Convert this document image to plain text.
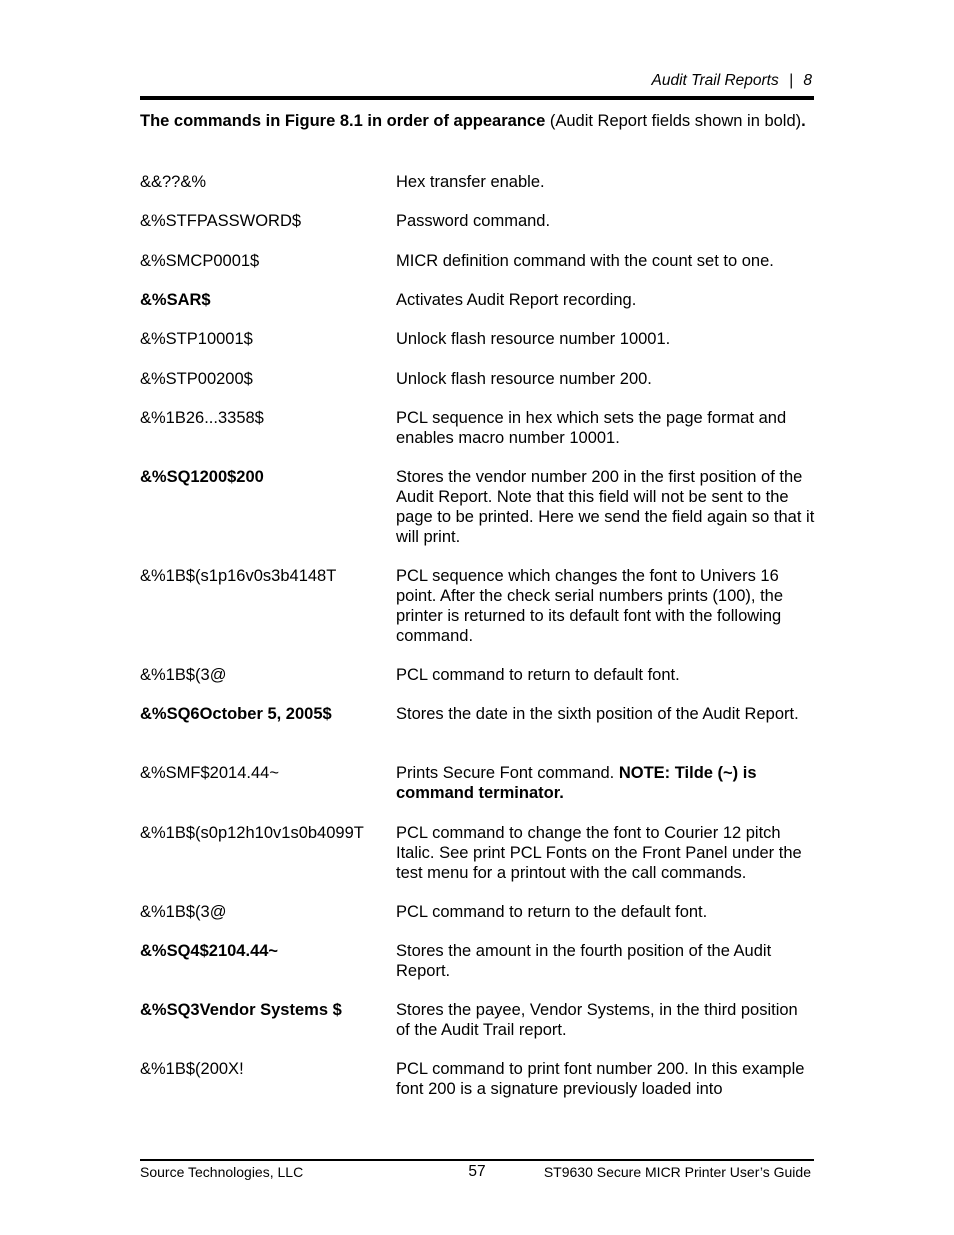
Audit Trail Reports | 8
The commands in Figure 8.1 in order of appearance (Audit Report fields shown in bold).
&&??&%	Hex transfer enable.
&%STFPASSWORD$	Password command.
&%SMCP0001$	MICR definition command with the count set to one.
&%SAR$	Activates Audit Report recording.
&%STP10001$	Unlock flash resource number 10001.
&%STP00200$	Unlock flash resource number 200.
&%1B26...3358$	PCL sequence in hex which sets the page format and enables macro number 10001.
&%SQ1200$200	Stores the vendor number 200 in the first position of the Audit Report. Note that this field will not be sent to the page to be printed. Here we send the field again so that it will print.
&%1B$(s1p16v0s3b4148T	PCL sequence which changes the font to Univers 16 point. After the check serial numbers prints (100), the printer is returned to its default font with the following command.
&%1B$(3@	PCL command to return to default font.
&%SQ6October 5, 2005$	Stores the date in the sixth position of the Audit Report.
&%SMF$2014.44~	Prints Secure Font command. NOTE: Tilde (~) is command terminator.
&%1B$(s0p12h10v1s0b4099T	PCL command to change the font to Courier 12 pitch Italic. See print PCL Fonts on the Front Panel under the test menu for a printout with the call commands.
&%1B$(3@	PCL command to return to the default font.
&%SQ4$2104.44~	Stores the amount in the fourth position of the Audit Report.
&%SQ3Vendor Systems $	Stores the payee, Vendor Systems, in the third position of the Audit Trail report.
&%1B$(200X!	PCL command to print font number 200. In this example font 200 is a signature previously loaded into
Source Technologies, LLC	57	ST9630 Secure MICR Printer User’s Guide
